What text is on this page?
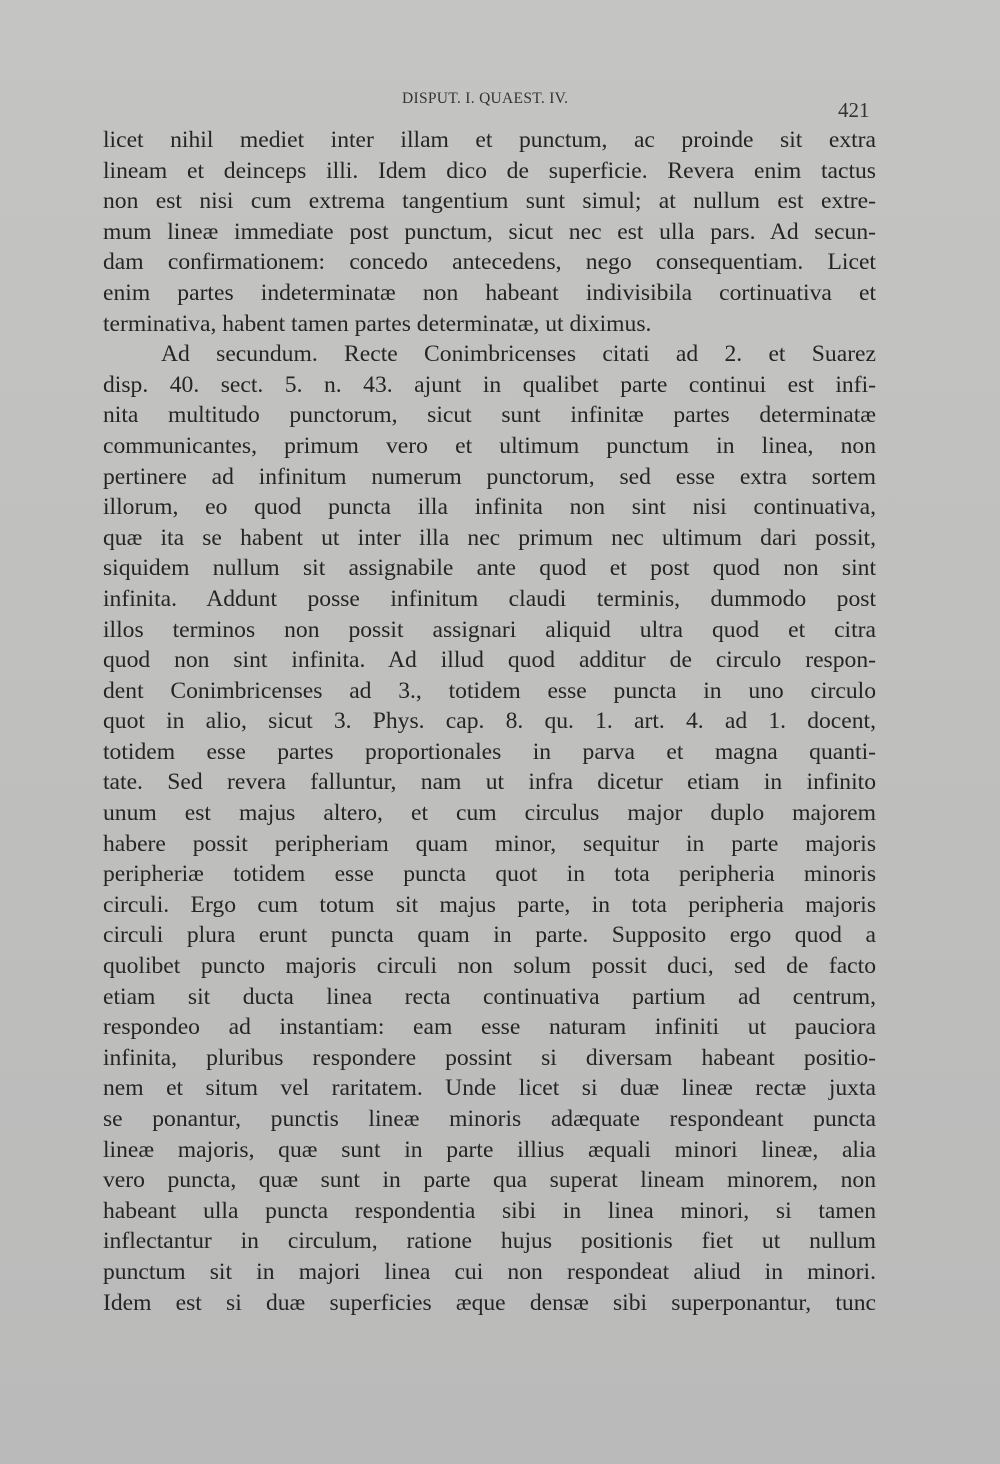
DISPUT. I. QUAEST. IV.	421
licet nihil mediet inter illam et punctum, ac proinde sit extra
lineam et deinceps illi. Idem dico de superficie. Revera enim tactus
non est nisi cum extrema tangentium sunt simul; at nullum est extre-
mum lineæ immediate post punctum, sicut nec est ulla pars. Ad secun-
dam confirmationem: concedo antecedens, nego consequentiam. Licet
enim partes indeterminatæ non habeant indivisibila cortinuativa et
terminativa, habent tamen partes determinatæ, ut diximus.
Ad secundum. Recte Conimbricenses citati ad 2. et Suarez
disp. 40. sect. 5. n. 43. ajunt in qualibet parte continui est infi-
nita multitudo punctorum, sicut sunt infinitæ partes determinatæ
communicantes, primum vero et ultimum punctum in linea, non
pertinere ad infinitum numerum punctorum, sed esse extra sortem
illorum, eo quod puncta illa infinita non sint nisi continuativa,
quæ ita se habent ut inter illa nec primum nec ultimum dari possit,
siquidem nullum sit assignabile ante quod et post quod non sint
infinita. Addunt posse infinitum claudi terminis, dummodo post
illos terminos non possit assignari aliquid ultra quod et citra
quod non sint infinita. Ad illud quod additur de circulo respon-
dent Conimbricenses ad 3., totidem esse puncta in uno circulo
quot in alio, sicut 3. Phys. cap. 8. qu. 1. art. 4. ad 1. docent,
totidem esse partes proportionales in parva et magna quanti-
tate. Sed revera falluntur, nam ut infra dicetur etiam in infinito
unum est majus altero, et cum circulus major duplo majorem
habere possit peripheriam quam minor, sequitur in parte majoris
peripheriæ totidem esse puncta quot in tota peripheria minoris
circuli. Ergo cum totum sit majus parte, in tota peripheria majoris
circuli plura erunt puncta quam in parte. Supposito ergo quod a
quolibet puncto majoris circuli non solum possit duci, sed de facto
etiam sit ducta linea recta continuativa partium ad centrum,
respondeo ad instantiam: eam esse naturam infiniti ut pauciora
infinita, pluribus respondere possint si diversam habeant positio-
nem et situm vel raritatem. Unde licet si duæ lineæ rectæ juxta
se ponantur, punctis lineæ minoris adæquate respondeant puncta
lineæ majoris, quæ sunt in parte illius æquali minori lineæ, alia
vero puncta, quæ sunt in parte qua superat lineam minorem, non
habeant ulla puncta respondentia sibi in linea minori, si tamen
inflectantur in circulum, ratione hujus positionis fiet ut nullum
punctum sit in majori linea cui non respondeat aliud in minori.
Idem est si duæ superficies æque densæ sibi superponantur, tunc
